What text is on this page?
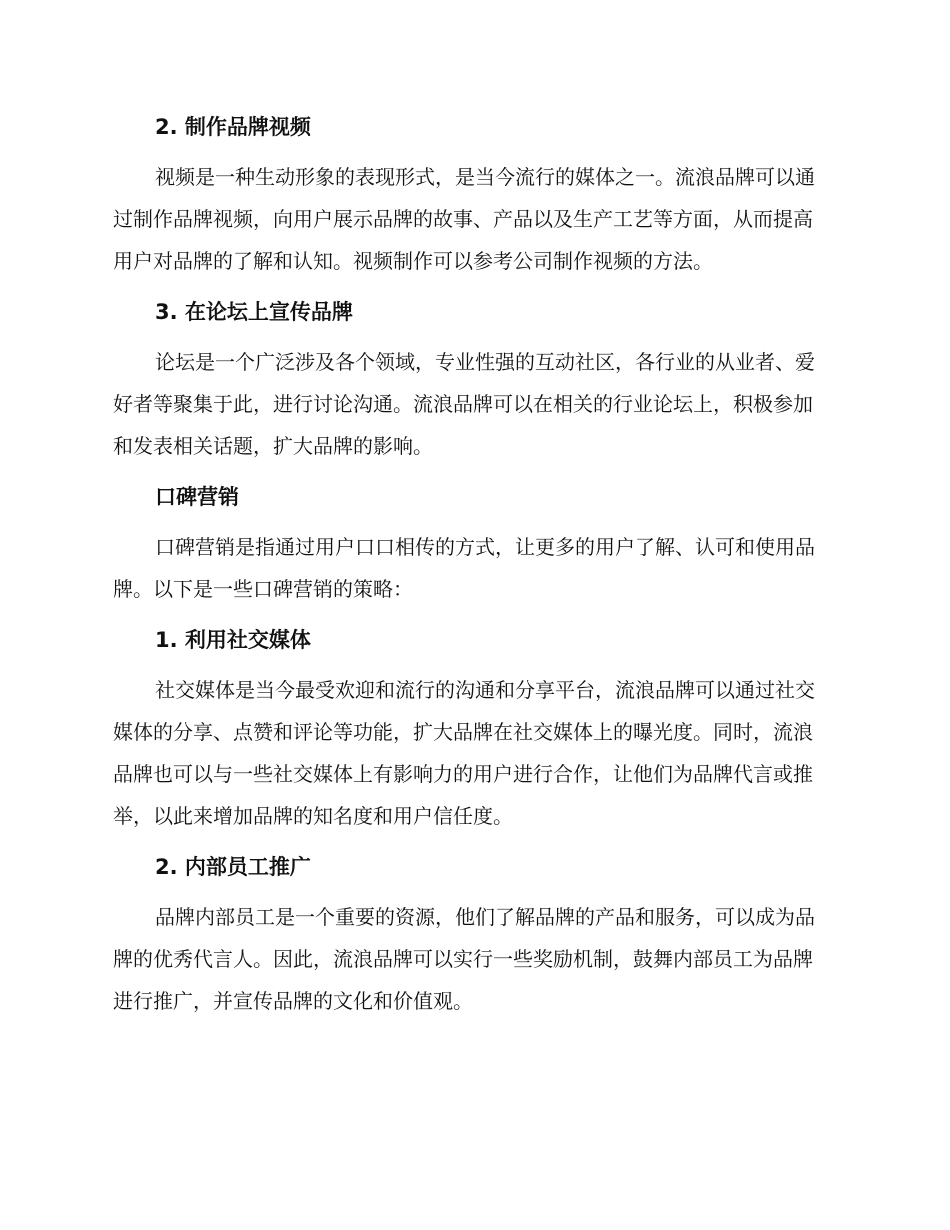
2. 制作品牌视频

视频是一种生动形象的表现形式，是当今流行的媒体之一。流浪品牌可以通过制作品牌视频，向用户展示品牌的故事、产品以及生产工艺等方面，从而提高用户对品牌的了解和认知。视频制作可以参考公司制作视频的方法。

3. 在论坛上宣传品牌

论坛是一个广泛涉及各个领域，专业性强的互动社区，各行业的从业者、爱好者等聚集于此，进行讨论沟通。流浪品牌可以在相关的行业论坛上，积极参加和发表相关话题，扩大品牌的影响。

口碑营销

口碑营销是指通过用户口口相传的方式，让更多的用户了解、认可和使用品牌。以下是一些口碑营销的策略：

1. 利用社交媒体

社交媒体是当今最受欢迎和流行的沟通和分享平台，流浪品牌可以通过社交媒体的分享、点赞和评论等功能，扩大品牌在社交媒体上的曝光度。同时，流浪品牌也可以与一些社交媒体上有影响力的用户进行合作，让他们为品牌代言或推举，以此来增加品牌的知名度和用户信任度。

2. 内部员工推广

品牌内部员工是一个重要的资源，他们了解品牌的产品和服务，可以成为品牌的优秀代言人。因此，流浪品牌可以实行一些奖励机制，鼓舞内部员工为品牌进行推广，并宣传品牌的文化和价值观。
